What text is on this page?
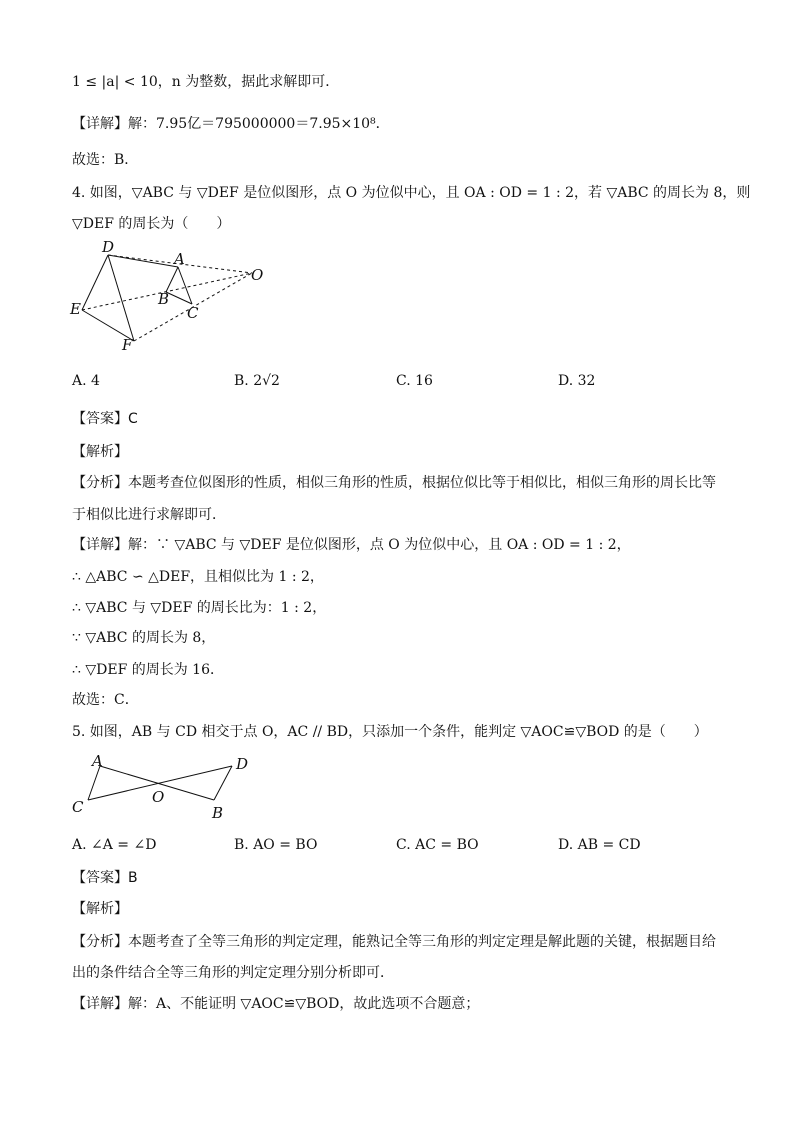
1 ≤ |a| < 10，n 为整数，据此求解即可．
【详解】解：7.95亿＝795000000＝7.95×10⁸．
故选：B．
4. 如图，▽ABC 与 ▽DEF 是位似图形，点 O 为位似中心，且 OA : OD = 1 : 2，若 ▽ABC 的周长为 8，则
▽DEF 的周长为（　　）
D
A
O
B
E	C
F
A. 4	B. 2√2	C. 16	D. 32
【答案】C
【解析】
【分析】本题考查位似图形的性质，相似三角形的性质，根据位似比等于相似比，相似三角形的周长比等
于相似比进行求解即可．
【详解】解：∵ ▽ABC 与 ▽DEF 是位似图形，点 O 为位似中心，且 OA : OD = 1 : 2，
∴ △ABC ∽ △DEF，且相似比为 1 : 2，
∴ ▽ABC 与 ▽DEF 的周长比为：1 : 2，
∵ ▽ABC 的周长为 8，
∴ ▽DEF 的周长为 16．
故选：C．
5. 如图，AB 与 CD 相交于点 O，AC // BD，只添加一个条件，能判定 ▽AOC≌▽BOD 的是（　　）
A	D
O
C	B
A. ∠A = ∠D	B. AO = BO	C. AC = BO	D. AB = CD
【答案】B
【解析】
【分析】本题考查了全等三角形的判定定理，能熟记全等三角形的判定定理是解此题的关键，根据题目给
出的条件结合全等三角形的判定定理分别分析即可．
【详解】解：A、不能证明 ▽AOC≌▽BOD，故此选项不合题意；
